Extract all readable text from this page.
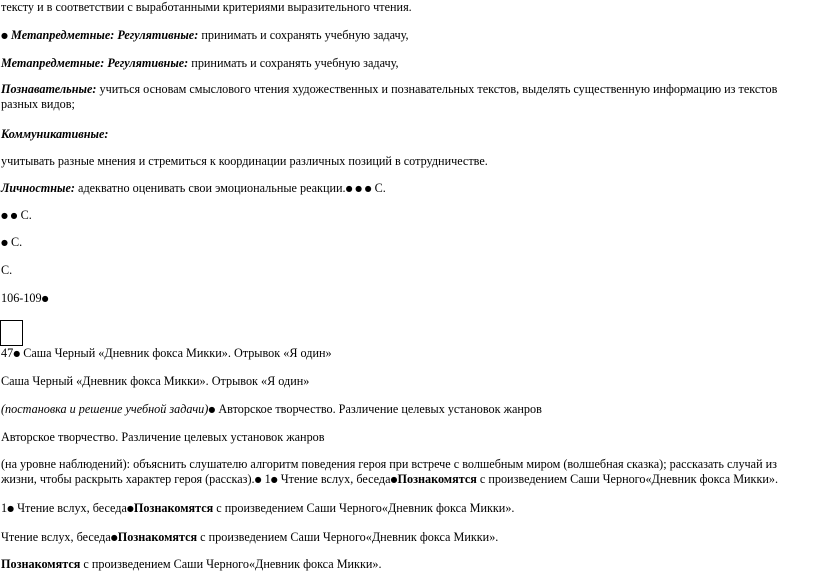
тексту и в соответствии с выработанными критериями выразительного чтения.
● Метапредметные: Регулятивные: принимать и сохранять учебную задачу,
Метапредметные: Регулятивные: принимать и сохранять учебную задачу,
Познавательные: учиться основам смыслового чтения художественных и познавательных текстов, выделять существенную информацию из текстов разных видов;
Коммуникативные:
учитывать разные мнения и стремиться к координации различных позиций в сотрудничестве.
Личностные: адекватно оценивать свои эмоциональные реакции.● ● ● С.
● ● С.
● С.
С.
106-109●
47● Саша Черный «Дневник фокса Микки». Отрывок «Я один»
Саша Черный «Дневник фокса Микки». Отрывок «Я один»
(постановка и решение учебной задачи)● Авторское творчество. Различение целевых установок жанров
Авторское творчество. Различение целевых установок жанров
(на уровне наблюдений): объяснить слушателю алгоритм поведения героя при встрече с волшебным миром (волшебная сказка); рассказать случай из жизни, чтобы раскрыть характер героя (рассказ).● 1● Чтение вслух, беседа●Познакомятся с произведением Саши Черного«Дневник фокса Микки».
1● Чтение вслух, беседа●Познакомятся с произведением Саши Черного«Дневник фокса Микки».
Чтение вслух, беседа●Познакомятся с произведением Саши Черного«Дневник фокса Микки».
Познакомятся с произведением Саши Черного«Дневник фокса Микки».
